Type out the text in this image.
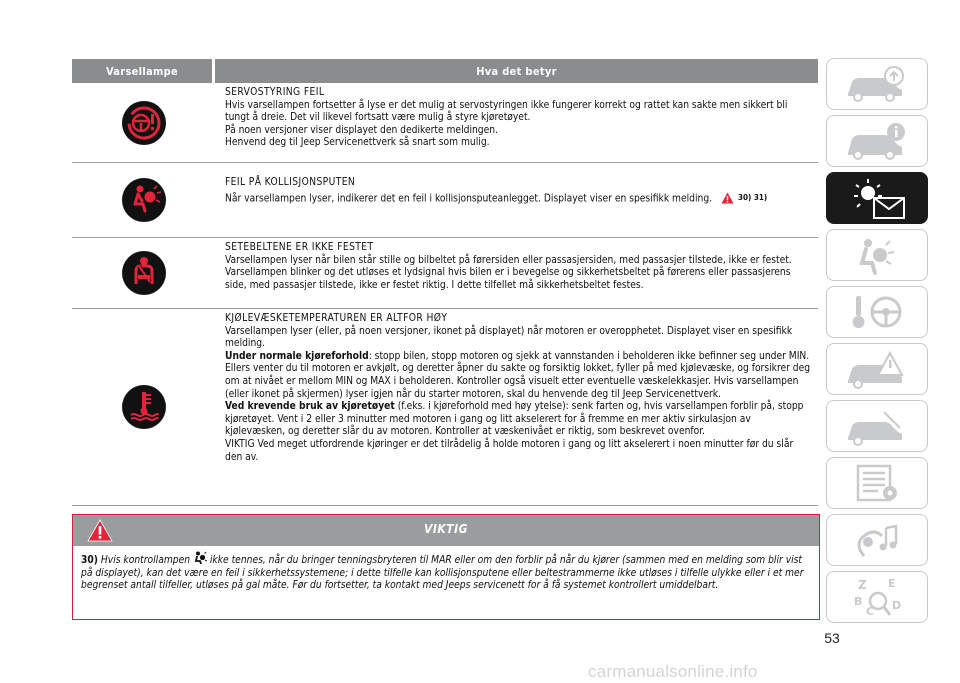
Varsellampe	Hva det betyr
SERVOSTYRING FEIL
Hvis varsellampen fortsetter å lyse er det mulig at servostyringen ikke fungerer korrekt og rattet kan sakte men sikkert bli tungt å dreie. Det vil likevel fortsatt være mulig å styre kjøretøyet.
På noen versjoner viser displayet den dedikerte meldingen.
Henvend deg til Jeep Servicenettverk så snart som mulig.
FEIL PÅ KOLLISJONSPUTEN
Når varsellampen lyser, indikerer det en feil i kollisjonsputeanlegget. Displayet viser en spesifikk melding.	30) 31)
SETEBELTENE ER IKKE FESTET
Varsellampen lyser når bilen står stille og bilbeltet på førersiden eller passasjersiden, med passasjer tilstede, ikke er festet. Varsellampen blinker og det utløses et lydsignal hvis bilen er i bevegelse og sikkerhetsbeltet på førerens eller passasjerens side, med passasjer tilstede, ikke er festet riktig. I dette tilfellet må sikkerhetsbeltet festes.
KJØLEVÆSKETEMPERATUREN ER ALTFOR HØY
Varsellampen lyser (eller, på noen versjoner, ikonet på displayet) når motoren er overopphetet. Displayet viser en spesifikk melding.
Under normale kjøreforhold: stopp bilen, stopp motoren og sjekk at vannstanden i beholderen ikke befinner seg under MIN. Ellers venter du til motoren er avkjølt, og deretter åpner du sakte og forsiktig lokket, fyller på med kjølevæske, og forsikrer deg om at nivået er mellom MIN og MAX i beholderen. Kontroller også visuelt etter eventuelle væskelekkasjer. Hvis varsellampen (eller ikonet på skjermen) lyser igjen når du starter motoren, skal du henvende deg til Jeep Servicenettverk.
Ved krevende bruk av kjøretøyet (f.eks. i kjøreforhold med høy ytelse): senk farten og, hvis varsellampen forblir på, stopp kjøretøyet. Vent i 2 eller 3 minutter med motoren i gang og litt akselerert for å fremme en mer aktiv sirkulasjon av kjølevæsken, og deretter slår du av motoren. Kontroller at væskenivået er riktig, som beskrevet ovenfor.
VIKTIG Ved meget utfordrende kjøringer er det tilrådelig å holde motoren i gang og litt akselerert i noen minutter før du slår den av.
VIKTIG
30) Hvis kontrollampen ikke tennes, når du bringer tenningsbryteren til MAR eller om den forblir på når du kjører (sammen med en melding som blir vist på displayet), kan det være en feil i sikkerhetssystemene; i dette tilfelle kan kollisjonsputene eller beltestrammerne ikke utløses i tilfelle ulykke eller i et mer begrenset antall tilfeller, utløses på gal måte. Før du fortsetter, ta kontakt med Jeeps servicenett for å få systemet kontrollert umiddelbart.	Z E
B
C D
53
carmanualsonline.info
